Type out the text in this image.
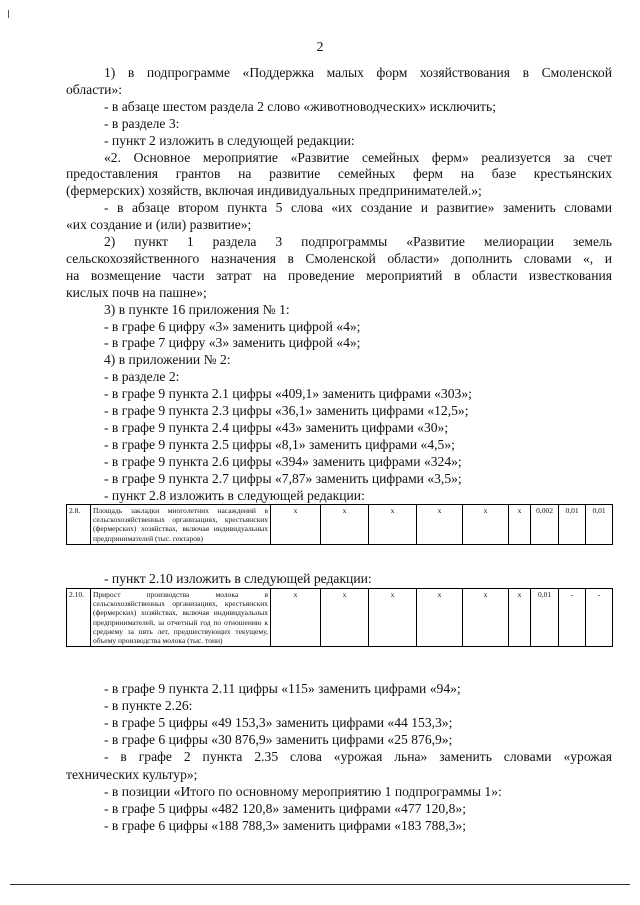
2
1) в подпрограмме «Поддержка малых форм хозяйствования в Смоленской
области»:
- в абзаце шестом раздела 2 слово «животноводческих» исключить;
- в разделе 3:
- пункт 2 изложить в следующей редакции:
«2. Основное мероприятие «Развитие семейных ферм» реализуется за счет
предоставления грантов на развитие семейных ферм на базе крестьянских
(фермерских) хозяйств, включая индивидуальных предпринимателей.»;
- в абзаце втором пункта 5 слова «их создание и развитие» заменить словами
«их создание и (или) развитие»;
2) пункт 1 раздела 3 подпрограммы «Развитие мелиорации земель
сельскохозяйственного назначения в Смоленской области» дополнить словами «, и
на возмещение части затрат на проведение мероприятий в области известкования
кислых почв на пашне»;
3) в пункте 16 приложения № 1:
- в графе 6 цифру «3» заменить цифрой «4»;
- в графе 7 цифру «3» заменить цифрой «4»;
4) в приложении № 2:
- в разделе 2:
- в графе 9 пункта 2.1 цифры «409,1» заменить цифрами «303»;
- в графе 9 пункта 2.3 цифры «36,1» заменить цифрами «12,5»;
- в графе 9 пункта 2.4 цифры «43» заменить цифрами «30»;
- в графе 9 пункта 2.5 цифры «8,1» заменить цифрами «4,5»;
- в графе 9 пункта 2.6 цифры «394» заменить цифрами «324»;
- в графе 9 пункта 2.7 цифры «7,87» заменить цифрами «3,5»;
- пункт 2.8 изложить в следующей редакции:
2.8.	Площадь закладки многолетних насаждений в сельскохозяйственных организациях, крестьянских (фермерских) хозяйствах, включая индивидуальных предпринимателей (тыс. гектаров)	x	x	x	x	x	x	0,002	0,01	0,01
- пункт 2.10 изложить в следующей редакции:
2.10.	Прирост производства молока в сельскохозяйственных организациях, крестьянских (фермерских) хозяйствах, включая индивидуальных предпринимателей, за отчетный год по отношению к среднему за пять лет, предшествующих текущему, объему производства молока (тыс. тонн)	x	x	x	x	x	x	0,01	-	-
- в графе 9 пункта 2.11 цифры «115» заменить цифрами «94»;
- в пункте 2.26:
- в графе 5 цифры «49 153,3» заменить цифрами «44 153,3»;
- в графе 6 цифры «30 876,9» заменить цифрами «25 876,9»;
- в графе 2 пункта 2.35 слова «урожая льна» заменить словами «урожая
технических культур»;
- в позиции «Итого по основному мероприятию 1 подпрограммы 1»:
- в графе 5 цифры «482 120,8» заменить цифрами «477 120,8»;
- в графе 6 цифры «188 788,3» заменить цифрами «183 788,3»;
